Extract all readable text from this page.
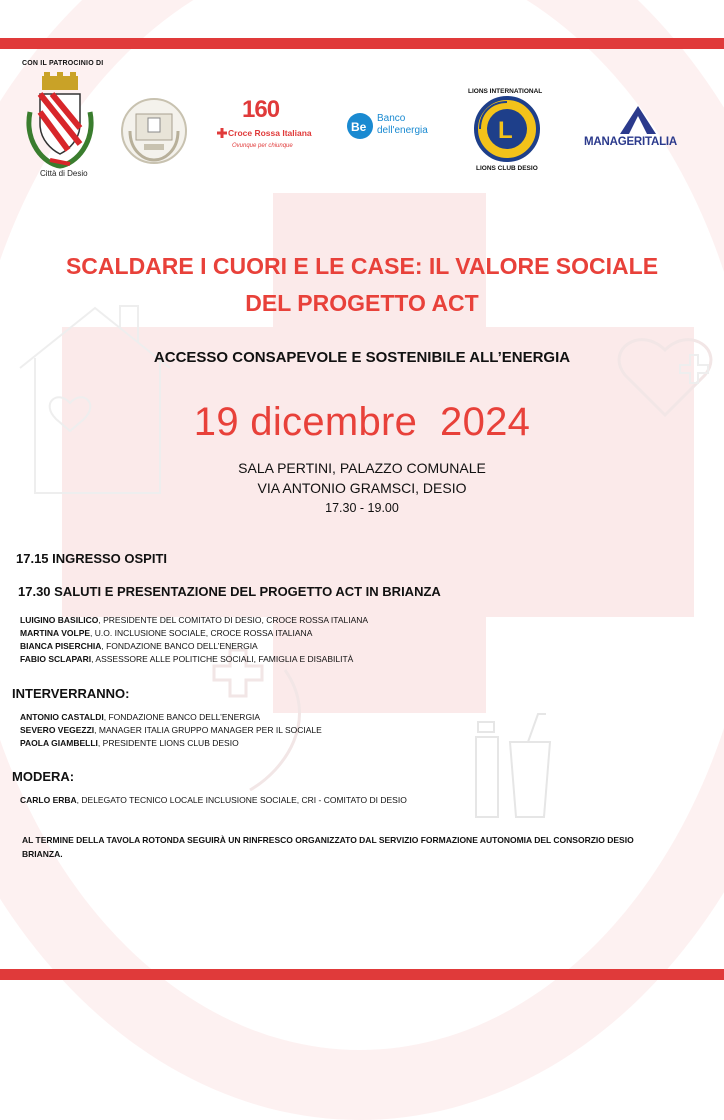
CON IL PATROCINIO DI
Città di Desio
160
Croce Rossa Italiana
Ovunque per chiunque
Be
Banco
dell'energia
LIONS INTERNATIONAL
L
LIONS CLUB DESIO
MANAGERITALIA
SCALDARE I CUORI E LE CASE: IL VALORE SOCIALE
DEL PROGETTO ACT
ACCESSO CONSAPEVOLE E SOSTENIBILE ALL’ENERGIA
19 dicembre  2024
SALA PERTINI, PALAZZO COMUNALE
VIA ANTONIO GRAMSCI, DESIO
17.30 - 19.00
17.15 INGRESSO OSPITI
17.30 SALUTI E PRESENTAZIONE DEL PROGETTO ACT IN BRIANZA
LUIGINO BASILICO, PRESIDENTE DEL COMITATO DI DESIO, CROCE ROSSA ITALIANA
MARTINA VOLPE, U.O. INCLUSIONE SOCIALE, CROCE ROSSA ITALIANA
BIANCA PISERCHIA, FONDAZIONE BANCO DELL’ENERGIA
FABIO SCLAPARI, ASSESSORE ALLE POLITICHE SOCIALI, FAMIGLIA E DISABILITÀ
INTERVERRANNO:
ANTONIO CASTALDI, FONDAZIONE BANCO DELL’ENERGIA
SEVERO VEGEZZI, MANAGER ITALIA GRUPPO MANAGER PER IL SOCIALE
PAOLA GIAMBELLI, PRESIDENTE LIONS CLUB DESIO
MODERA:
CARLO ERBA, DELEGATO TECNICO LOCALE INCLUSIONE SOCIALE, CRI - COMITATO DI DESIO
AL TERMINE DELLA TAVOLA ROTONDA SEGUIRÀ UN RINFRESCO ORGANIZZATO DAL SERVIZIO FORMAZIONE AUTONOMIA DEL CONSORZIO DESIO BRIANZA.
